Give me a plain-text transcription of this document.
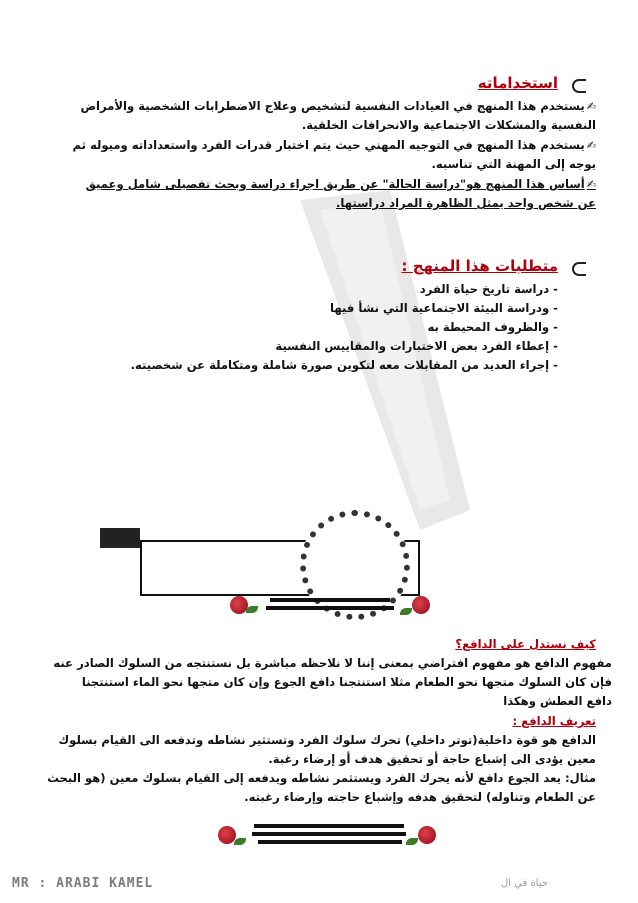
استخداماته
✍يستخدم هذا المنهج في العيادات النفسية لتشخيص وعلاج الاضطرابات الشخصية والأمراض
النفسية والمشكلات الاجتماعية والانحرافات الخلقية.
✍يستخدم هذا المنهج في التوجيه المهني حيث يتم اختبار قدرات الفرد واستعداداته وميوله ثم
يوجه إلى المهنة التي تناسبه.
✍أساس هذا المنهج هو"دراسة الحالة" عن طريق اجراء دراسة وبحث تفصيلى شامل وعميق
عن شخص واحد يمثل الظاهرة المراد دراستها.
متطلبات هذا المنهج :
- دراسة تاريخ حياة الفرد
- ودراسة البيئة الاجتماعية التي نشأ فيها
- والظروف المحيطة به
- إعطاء الفرد بعض الاختبارات والمقاييس النفسية
- إجراء العديد من المقابلات معه لتكوين صورة شاملة ومتكاملة عن شخصيته.
كيف نستدل على الدافع؟
مفهوم الدافع هو مفهوم افتراضي بمعنى إننا لا نلاحظه مباشرة بل نستنتجه من السلوك الصادر عنه
فإن كان السلوك متجها نحو الطعام مثلا استنتجنا دافع الجوع وإن كان متجها نحو الماء استنتجنا
دافع العطش وهكذا
تعريف الدافع :
الدافع هو قوة داخلية(توتر داخلي) تحرك سلوك الفرد وتستثير نشاطه وتدفعه الى القيام بسلوك
معين يؤدى الى إشباع حاجة أو تحقيق هدف أو إرضاء رغبة.
مثال: يعد الجوع دافع لأنه يحرك الفرد ويستثمر نشاطه ويدفعه إلى القيام بسلوك معين (هو البحث
عن الطعام وتناوله) لتحقيق هدفه وإشباع حاجته وإرضاء رغبته.
MR : ARABI KAMEL	حياة في ال
